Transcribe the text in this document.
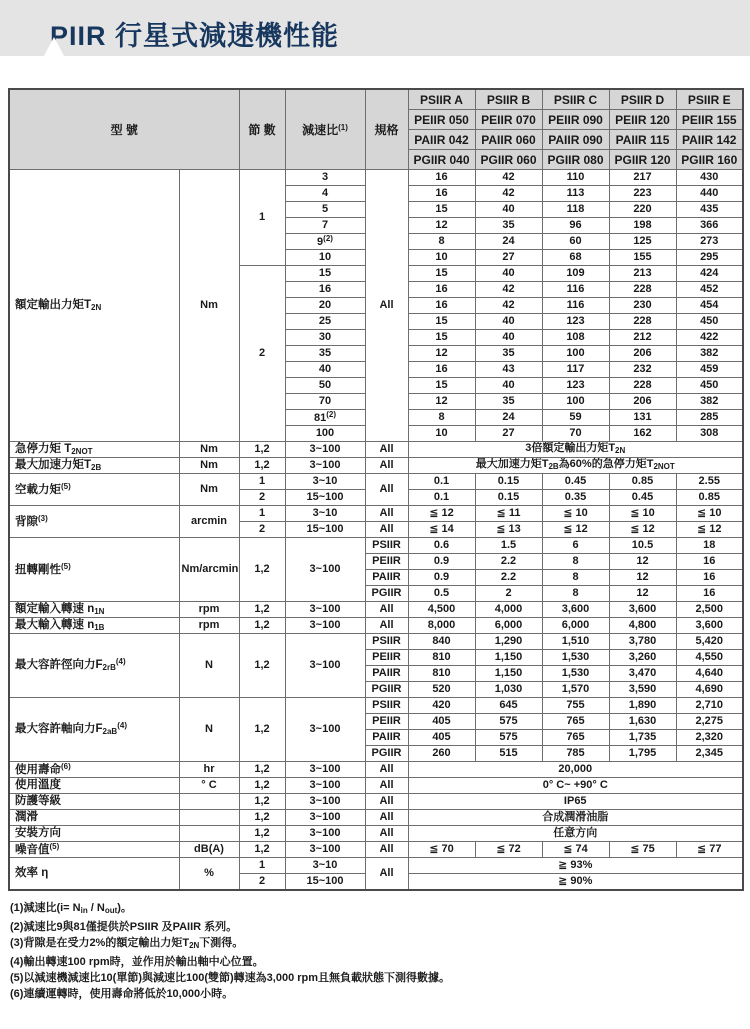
PIIR 行星式減速機性能
型 號		節 數	減速比$^{(1)}$	規格	PSIIR A	PSIIR B	PSIIR C	PSIIR D	PSIIR E
					PEIIR 050	PEIIR 070	PEIIR 090	PEIIR 120	PEIIR 155
					PAIIR 042	PAIIR 060	PAIIR 090	PAIIR 115	PAIIR 142
					PGIIR 040	PGIIR 060	PGIIR 080	PGIIR 120	PGIIR 160
額定輸出力矩$T_{2N}$	Nm	1	3	All	16	42	110	217	430
			4		16	42	113	223	440
			5		15	40	118	220	435
			7		12	35	96	198	366
			9$^{(2)}$		8	24	60	125	273
			10		10	27	68	155	295
		2	15		15	40	109	213	424
			16		16	42	116	228	452
			20		16	42	116	230	454
			25		15	40	123	228	450
			30		15	40	108	212	422
			35		12	35	100	206	382
			40		16	43	117	232	459
			50		15	40	123	228	450
			70		12	35	100	206	382
			81$^{(2)}$		8	24	59	131	285
			100		10	27	70	162	308
急停力矩 $T_{2NOT}$	Nm	1,2	3~100	All	3倍額定輸出力矩$T_{2N}$
最大加速力矩$T_{2B}$	Nm	1,2	3~100	All	最大加速力矩$T_{2B}$為60%的急停力矩$T_{2NOT}$
空載力矩$^{(5)}$	Nm	1	3~10	All	0.1	0.15	0.45	0.85	2.55
		2	15~100		0.1	0.15	0.35	0.45	0.85
背隙$^{(3)}$	arcmin	1	3~10	All	≦ 12	≦ 11	≦ 10	≦ 10	≦ 10
		2	15~100	All	≦ 14	≦ 13	≦ 12	≦ 12	≦ 12
扭轉剛性$^{(5)}$	Nm/arcmin	1,2	3~100	PSIIR	0.6	1.5	6	10.5	18
				PEIIR	0.9	2.2	8	12	16
				PAIIR	0.9	2.2	8	12	16
				PGIIR	0.5	2	8	12	16
額定輸入轉速 $n_{1N}$	rpm	1,2	3~100	All	4,500	4,000	3,600	3,600	2,500
最大輸入轉速 $n_{1B}$	rpm	1,2	3~100	All	8,000	6,000	6,000	4,800	3,600
最大容許徑向力$F_{2rB}^{(4)}$	N	1,2	3~100	PSIIR	840	1,290	1,510	3,780	5,420
				PEIIR	810	1,150	1,530	3,260	4,550
				PAIIR	810	1,150	1,530	3,470	4,640
				PGIIR	520	1,030	1,570	3,590	4,690
最大容許軸向力$F_{2aB}^{(4)}$	N	1,2	3~100	PSIIR	420	645	755	1,890	2,710
				PEIIR	405	575	765	1,630	2,275
				PAIIR	405	575	765	1,735	2,320
				PGIIR	260	515	785	1,795	2,345
使用壽命$^{(6)}$	hr	1,2	3~100	All	20,000				
使用溫度	° C	1,2	3~100	All	0° C~ +90° C				
防護等級		1,2	3~100	All	IP65				
潤滑		1,2	3~100	All	合成潤滑油脂				
安裝方向		1,2	3~100	All	任意方向				
噪音值$^{(5)}$	dB(A)	1,2	3~100	All	≦ 70	≦ 72	≦ 74	≦ 75	≦ 77
效率 η	%	1	3~10	All	≧ 93%				
		2	15~100		≧ 90%				
(1)減速比$(i= N_{in} / N_{out})$。
(2)減速比9與81僅提供於PSIIR 及PAIIR 系列。
(3)背隙是在受力2%的額定輸出力矩$T_{2N}$下測得。
(4)輸出轉速100 rpm時，並作用於輸出軸中心位置。
(5)以減速機減速比10(單節)與減速比100(雙節)轉速為3,000 rpm且無負載狀態下測得數據。
(6)連續運轉時，使用壽命將低於10,000小時。
